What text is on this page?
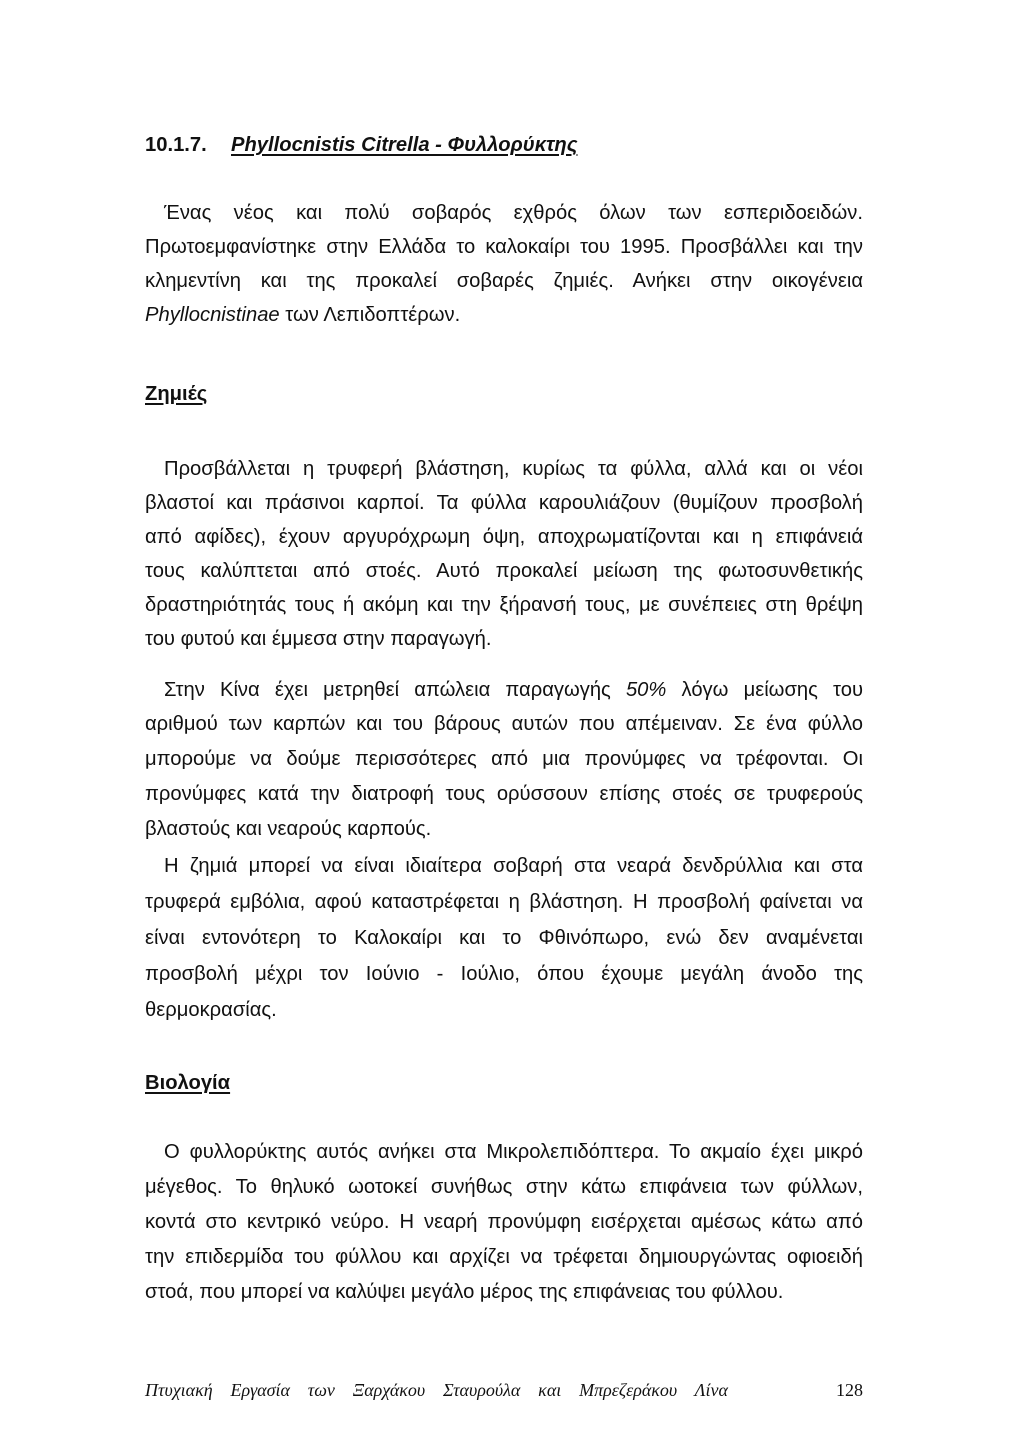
10.1.7. Phyllocnistis Citrella - Φυλλορύκτης
Ένας νέος και πολύ σοβαρός εχθρός όλων των εσπεριδοειδών.
Πρωτοεμφανίστηκε στην Ελλάδα το καλοκαίρι του 1995. Προσβάλλει και την
κλημεντίνη και της προκαλεί σοβαρές ζημιές. Ανήκει στην οικογένεια
Phyllocnistinae των Λεπιδοπτέρων.
Ζημιές
Προσβάλλεται η τρυφερή βλάστηση, κυρίως τα φύλλα, αλλά και οι νέοι
βλαστοί και πράσινοι καρποί. Τα φύλλα καρουλιάζουν (θυμίζουν προσβολή
από αφίδες), έχουν αργυρόχρωμη όψη, αποχρωματίζονται και η επιφάνειά
τους καλύπτεται από στοές. Αυτό προκαλεί μείωση της φωτοσυνθετικής
δραστηριότητάς τους ή ακόμη και την ξήρανσή τους, με συνέπειες στη θρέψη
του φυτού και έμμεσα στην παραγωγή.
Στην Κίνα έχει μετρηθεί απώλεια παραγωγής 50% λόγω μείωσης του
αριθμού των καρπών και του βάρους αυτών που απέμειναν. Σε ένα φύλλο
μπορούμε να δούμε περισσότερες από μια προνύμφες να τρέφονται. Οι
προνύμφες κατά την διατροφή τους ορύσσουν επίσης στοές σε τρυφερούς
βλαστούς και νεαρούς καρπούς.
Η ζημιά μπορεί να είναι ιδιαίτερα σοβαρή στα νεαρά δενδρύλλια και στα
τρυφερά εμβόλια, αφού καταστρέφεται η βλάστηση. Η προσβολή φαίνεται να
είναι εντονότερη το Καλοκαίρι και το Φθινόπωρο, ενώ δεν αναμένεται
προσβολή μέχρι τον Ιούνιο - Ιούλιο, όπου έχουμε μεγάλη άνοδο της
θερμοκρασίας.
Βιολογία
Ο φυλλορύκτης αυτός ανήκει στα Μικρολεπιδόπτερα. Το ακμαίο έχει μικρό
μέγεθος. Το θηλυκό ωοτοκεί συνήθως στην κάτω επιφάνεια των φύλλων,
κοντά στο κεντρικό νεύρο. Η νεαρή προνύμφη εισέρχεται αμέσως κάτω από
την επιδερμίδα του φύλλου και αρχίζει να τρέφεται δημιουργώντας οφιοειδή
στοά, που μπορεί να καλύψει μεγάλο μέρος της επιφάνειας του φύλλου.
Πτυχιακή Εργασία των Ξαρχάκου Σταυρούλα και Μπρεζεράκου Λίνα	128
